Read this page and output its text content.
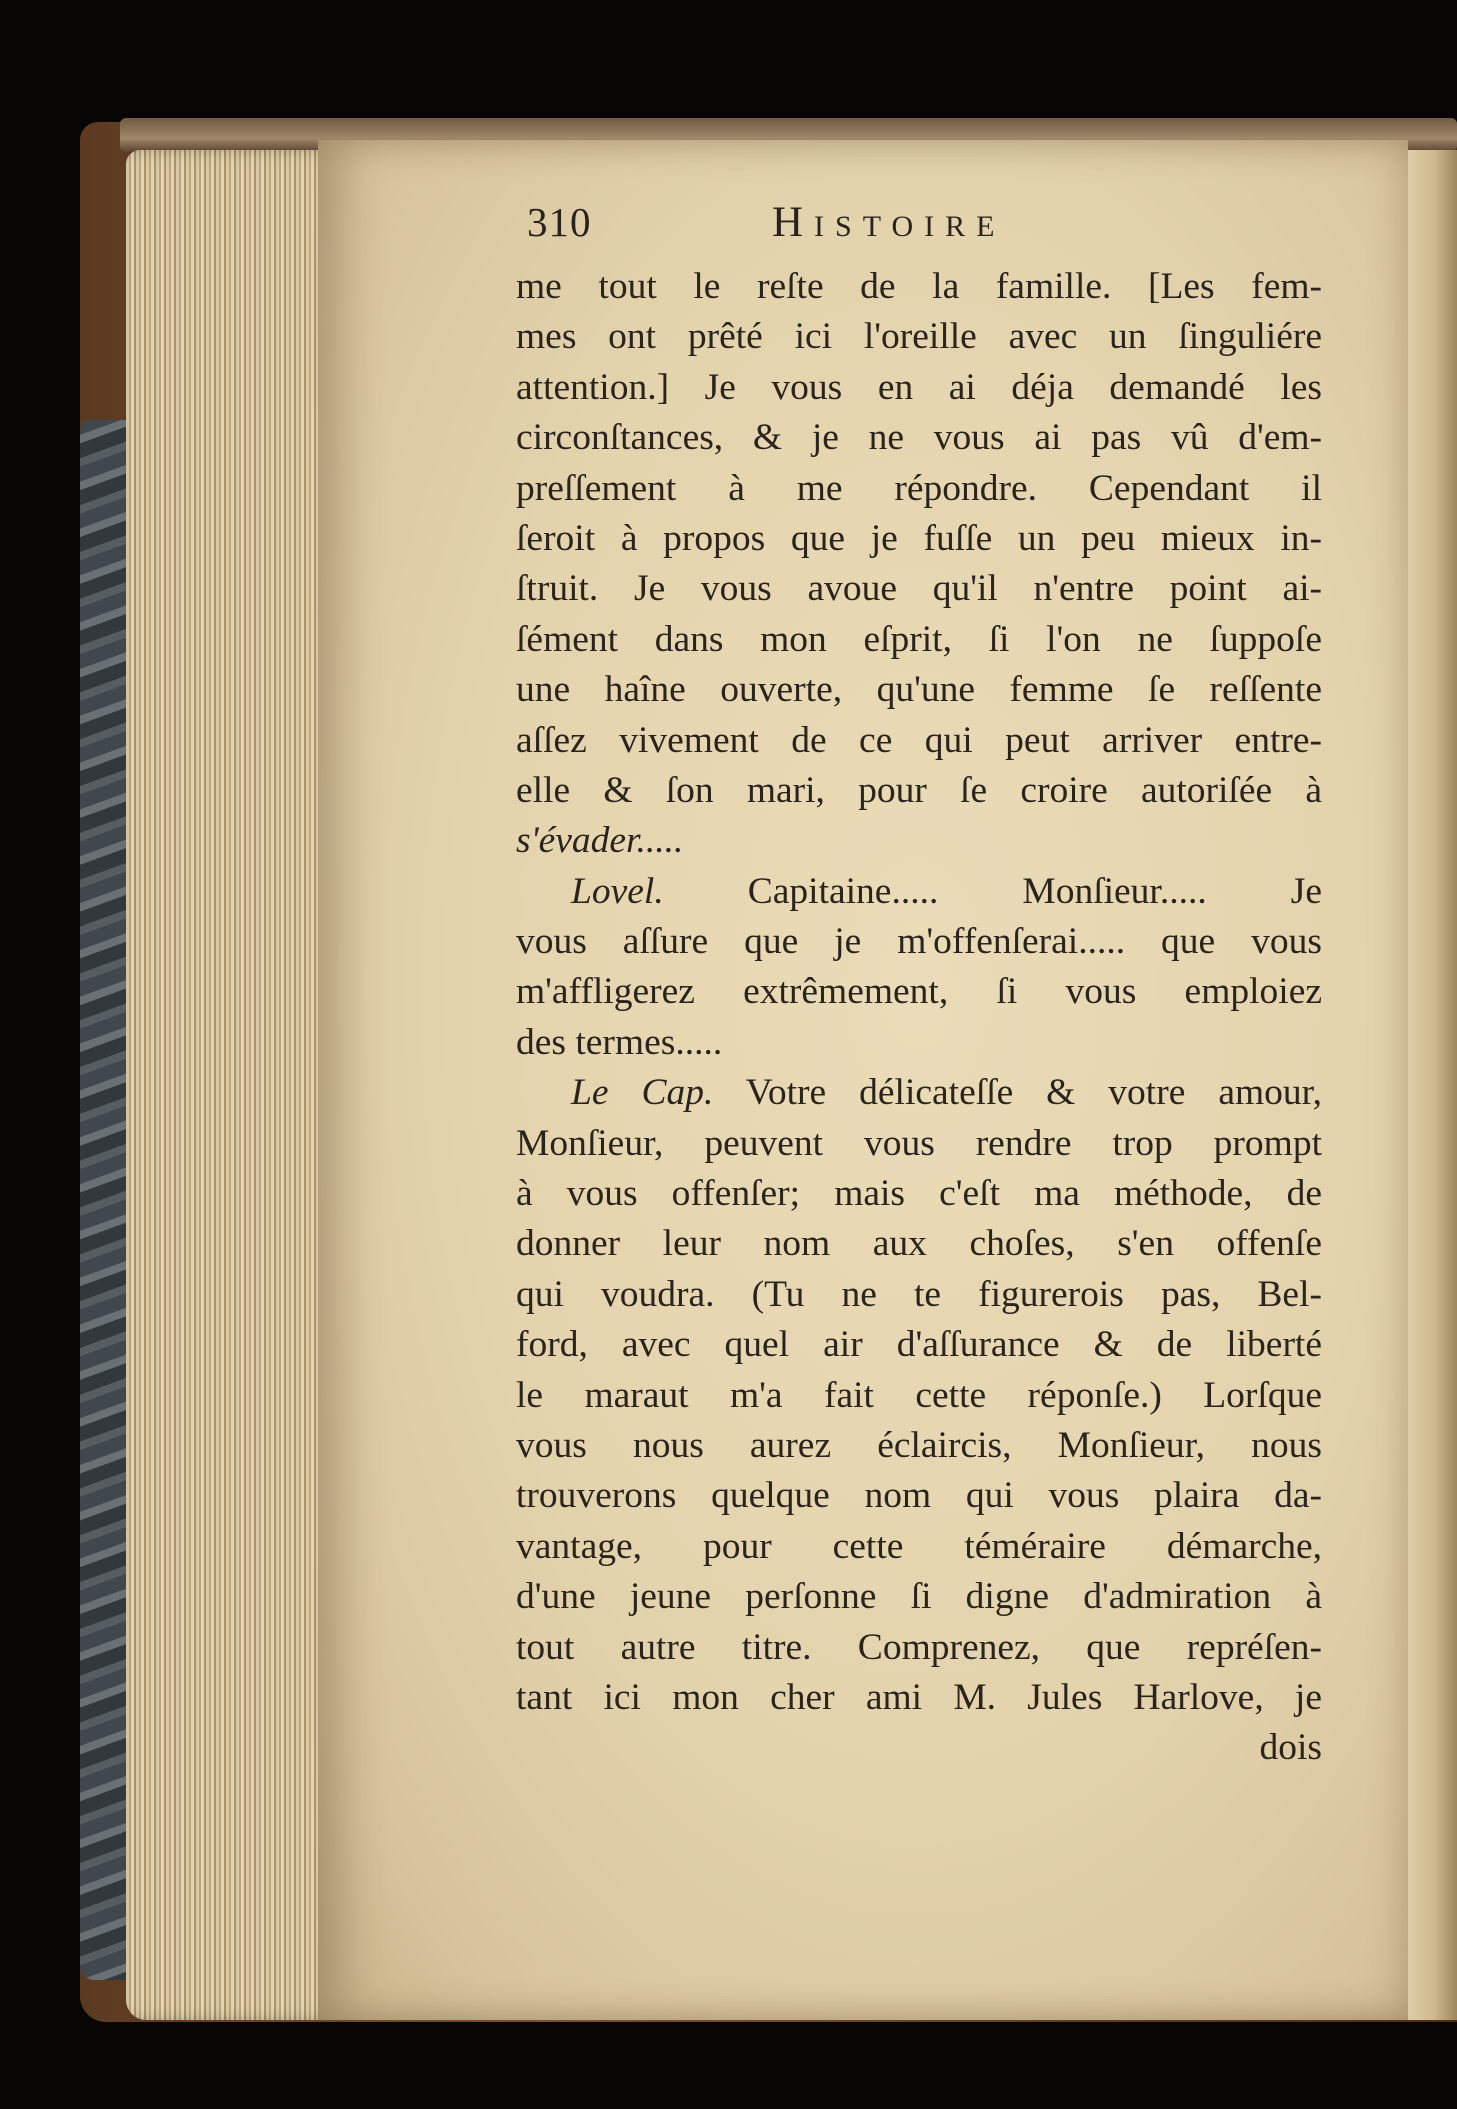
310	Histoire
me tout le reſte de la famille. [Les fem-
mes ont prêté ici l'oreille avec un ſinguliére
attention.] Je vous en ai déja demandé les
circonſtances, & je ne vous ai pas vû d'em-
preſſement à me répondre. Cependant il
ſeroit à propos que je fuſſe un peu mieux in-
ſtruit. Je vous avoue qu'il n'entre point ai-
ſément dans mon eſprit, ſi l'on ne ſuppoſe
une haîne ouverte, qu'une femme ſe reſſente
aſſez vivement de ce qui peut arriver entre-
elle & ſon mari, pour ſe croire autoriſée à
s'évader.....
Lovel. Capitaine..... Monſieur..... Je
vous aſſure que je m'offenſerai..... que vous
m'affligerez extrêmement, ſi vous emploiez
des termes.....
Le Cap. Votre délicateſſe & votre amour,
Monſieur, peuvent vous rendre trop prompt
à vous offenſer; mais c'eſt ma méthode, de
donner leur nom aux choſes, s'en offenſe
qui voudra. (Tu ne te figurerois pas, Bel-
ford, avec quel air d'aſſurance & de liberté
le maraut m'a fait cette réponſe.) Lorſque
vous nous aurez éclaircis, Monſieur, nous
trouverons quelque nom qui vous plaira da-
vantage, pour cette téméraire démarche,
d'une jeune perſonne ſi digne d'admiration à
tout autre titre. Comprenez, que repréſen-
tant ici mon cher ami M. Jules Harlove, je
dois
